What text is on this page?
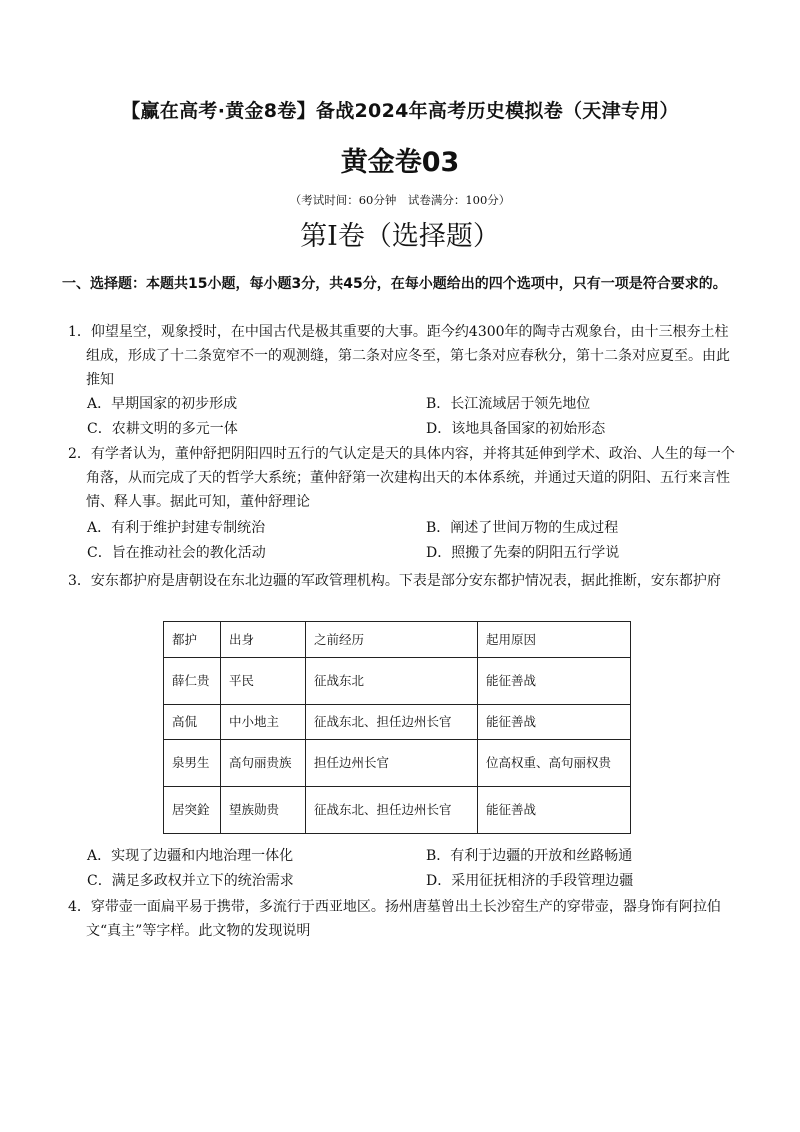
【赢在高考·黄金8卷】备战2024年高考历史模拟卷（天津专用）
黄金卷03
（考试时间：60分钟　试卷满分：100分）
第I卷（选择题）
一、选择题：本题共15小题，每小题3分，共45分，在每小题给出的四个选项中，只有一项是符合要求的。
1．仰望星空，观象授时，在中国古代是极其重要的大事。距今约4300年的陶寺古观象台，由十三根夯土柱组成，形成了十二条宽窄不一的观测缝，第二条对应冬至，第七条对应春秋分，第十二条对应夏至。由此推知
A．早期国家的初步形成	B．长江流域居于领先地位
C．农耕文明的多元一体	D．该地具备国家的初始形态
2．有学者认为，董仲舒把阴阳四时五行的气认定是天的具体内容，并将其延伸到学术、政治、人生的每一个角落，从而完成了天的哲学大系统；董仲舒第一次建构出天的本体系统，并通过天道的阴阳、五行来言性情、释人事。据此可知，董仲舒理论
A．有利于维护封建专制统治	B．阐述了世间万物的生成过程
C．旨在推动社会的教化活动	D．照搬了先秦的阴阳五行学说
3．安东都护府是唐朝设在东北边疆的军政管理机构。下表是部分安东都护情况表，据此推断，安东都护府
都护	出身	之前经历	起用原因
薛仁贵	平民	征战东北	能征善战
高侃	中小地主	征战东北、担任边州长官	能征善战
泉男生	高句丽贵族	担任边州长官	位高权重、高句丽权贵
居突銓	望族勋贵	征战东北、担任边州长官	能征善战
A．实现了边疆和内地治理一体化	B．有利于边疆的开放和丝路畅通
C．满足多政权并立下的统治需求	D．采用征抚相济的手段管理边疆
4．穿带壶一面扁平易于携带，多流行于西亚地区。扬州唐墓曾出土长沙窑生产的穿带壶，器身饰有阿拉伯文“真主”等字样。此文物的发现说明
